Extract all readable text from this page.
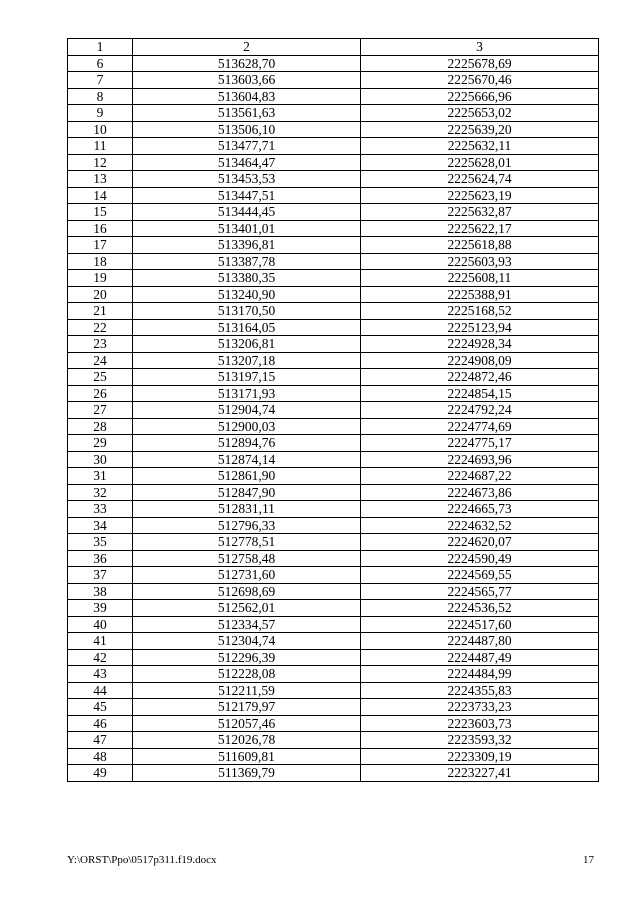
1	2	3
6	513628,70	2225678,69
7	513603,66	2225670,46
8	513604,83	2225666,96
9	513561,63	2225653,02
10	513506,10	2225639,20
11	513477,71	2225632,11
12	513464,47	2225628,01
13	513453,53	2225624,74
14	513447,51	2225623,19
15	513444,45	2225632,87
16	513401,01	2225622,17
17	513396,81	2225618,88
18	513387,78	2225603,93
19	513380,35	2225608,11
20	513240,90	2225388,91
21	513170,50	2225168,52
22	513164,05	2225123,94
23	513206,81	2224928,34
24	513207,18	2224908,09
25	513197,15	2224872,46
26	513171,93	2224854,15
27	512904,74	2224792,24
28	512900,03	2224774,69
29	512894,76	2224775,17
30	512874,14	2224693,96
31	512861,90	2224687,22
32	512847,90	2224673,86
33	512831,11	2224665,73
34	512796,33	2224632,52
35	512778,51	2224620,07
36	512758,48	2224590,49
37	512731,60	2224569,55
38	512698,69	2224565,77
39	512562,01	2224536,52
40	512334,57	2224517,60
41	512304,74	2224487,80
42	512296,39	2224487,49
43	512228,08	2224484,99
44	512211,59	2224355,83
45	512179,97	2223733,23
46	512057,46	2223603,73
47	512026,78	2223593,32
48	511609,81	2223309,19
49	511369,79	2223227,41
Y:\ORST\Ppo\0517p311.f19.docx	17
